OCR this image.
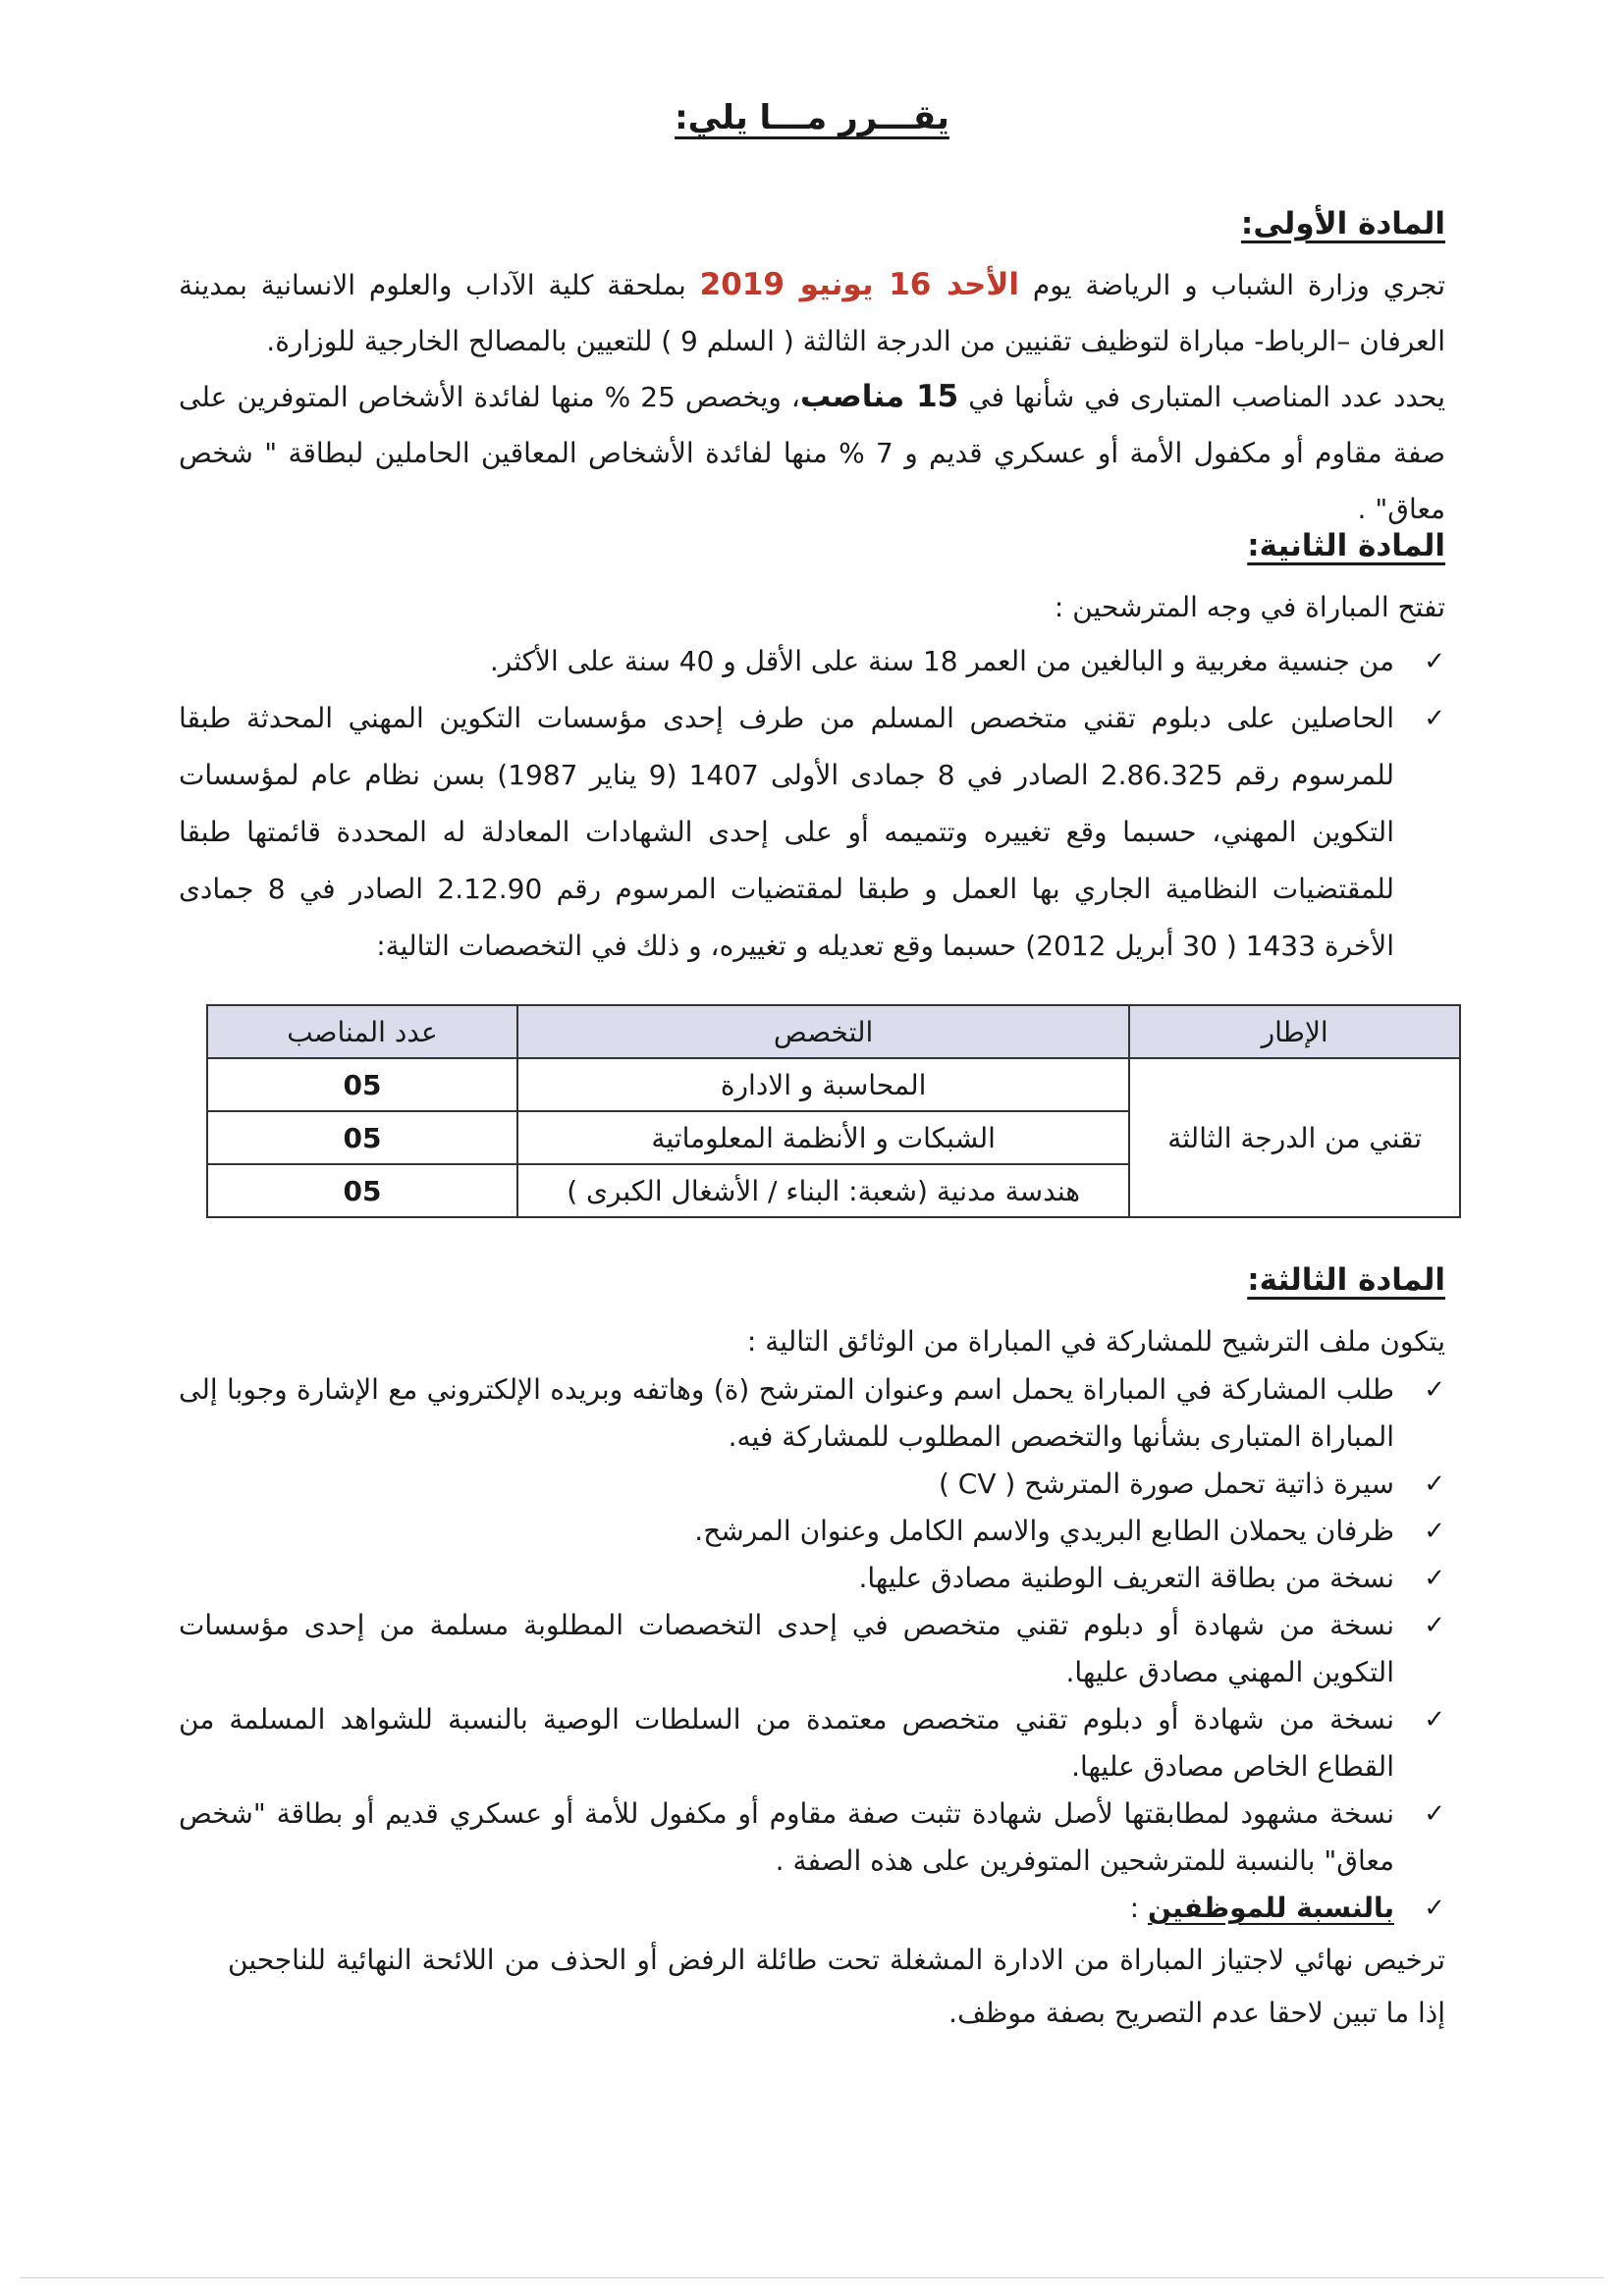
يقـــرر مـــا يلي:
المادة الأولى:

تجري وزارة الشباب و الرياضة يوم الأحد 16 يونيو 2019 بملحقة كلية الآداب والعلوم الانسانية بمدينة العرفان –الرباط- مباراة لتوظيف تقنيين من الدرجة الثالثة ( السلم 9 ) للتعيين بالمصالح الخارجية للوزارة.

يحدد عدد المناصب المتبارى في شأنها في 15 مناصب، ويخصص 25 % منها لفائدة الأشخاص المتوفرين على صفة مقاوم أو مكفول الأمة أو عسكري قديم و 7 % منها لفائدة الأشخاص المعاقين الحاملين لبطاقة " شخص معاق" .

المادة الثانية:
تفتح المباراة في وجه المترشحين :
✓
من جنسية مغربية و البالغين من العمر 18 سنة على الأقل و 40 سنة على الأكثر.
✓
الحاصلين على دبلوم تقني متخصص المسلم من طرف إحدى مؤسسات التكوين المهني المحدثة طبقا للمرسوم رقم 2.86.325 الصادر في 8 جمادى الأولى 1407 (9 يناير 1987) بسن نظام عام لمؤسسات التكوين المهني، حسبما وقع تغييره وتتميمه أو على إحدى الشهادات المعادلة له المحددة قائمتها طبقا للمقتضيات النظامية الجاري بها العمل و طبقا لمقتضيات المرسوم رقم 2.12.90 الصادر في 8 جمادى الأخرة 1433 ( 30 أبريل 2012) حسبما وقع تعديله و تغييره، و ذلك في التخصصات التالية:
الإطار	التخصص	عدد المناصب
تقني من الدرجة الثالثة	المحاسبة و الادارة	05
	الشبكات و الأنظمة المعلوماتية	05
	هندسة مدنية (شعبة: البناء / الأشغال الكبرى )	05
المادة الثالثة:
يتكون ملف الترشيح للمشاركة في المباراة من الوثائق التالية :
✓
طلب المشاركة في المباراة يحمل اسم وعنوان المترشح (ة) وهاتفه وبريده الإلكتروني مع الإشارة وجوبا إلى المباراة المتبارى بشأنها والتخصص المطلوب للمشاركة فيه.
✓
سيرة ذاتية تحمل صورة المترشح ( CV )
✓
ظرفان يحملان الطابع البريدي والاسم الكامل وعنوان المرشح.
✓
نسخة من بطاقة التعريف الوطنية مصادق عليها.
✓
نسخة من شهادة أو دبلوم تقني متخصص في إحدى التخصصات المطلوبة مسلمة من إحدى مؤسسات التكوين المهني مصادق عليها.
✓
نسخة من شهادة أو دبلوم تقني متخصص معتمدة من السلطات الوصية بالنسبة للشواهد المسلمة من القطاع الخاص مصادق عليها.
✓
نسخة مشهود لمطابقتها لأصل شهادة تثبت صفة مقاوم أو مكفول للأمة أو عسكري قديم أو بطاقة "شخص معاق" بالنسبة للمترشحين المتوفرين على هذه الصفة .
✓
بالنسبة للموظفين :
ترخيص نهائي لاجتياز المباراة من الادارة المشغلة تحت طائلة الرفض أو الحذف من اللائحة النهائية للناجحين إذا ما تبين لاحقا عدم التصريح بصفة موظف.
